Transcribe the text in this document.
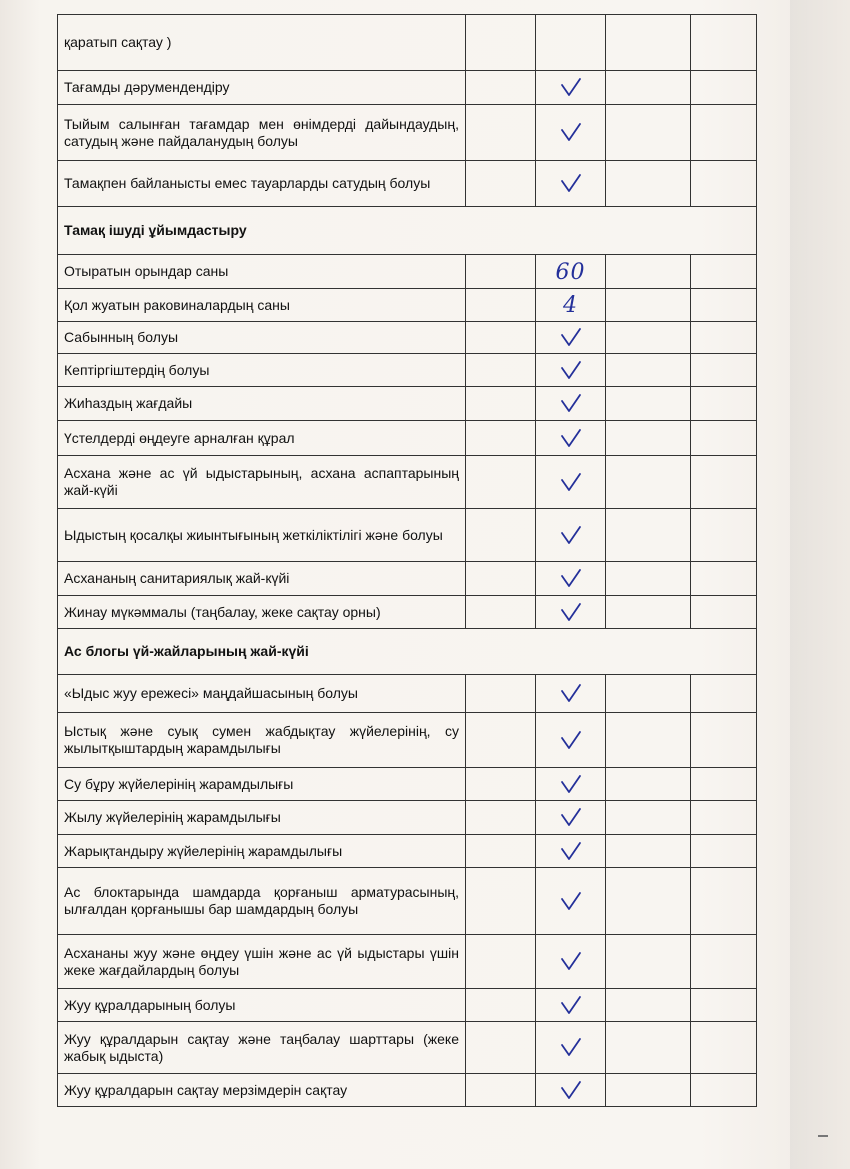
қаратып сақтау )				
Тағамды дәрумендендіру				
Тыйым салынған тағамдар мен өнімдерді дайындаудың, сатудың және пайдаланудың болуы				
Тамақпен байланысты емес тауарларды сатудың болуы				
Тамақ ішуді ұйымдастыру				
Отыратын орындар саны		60		
Қол жуатын раковиналардың саны		4		
Сабынның болуы				
Кептіргіштердің болуы				
Жиһаздың жағдайы				
Үстелдерді өңдеуге арналған құрал				
Асхана және ас үй ыдыстарының, асхана аспаптарының жай-күйі				
Ыдыстың қосалқы жиынтығының жеткіліктілігі және болуы				
Асхананың санитариялық жай-күйі				
Жинау мүкәммалы (таңбалау, жеке сақтау орны)				
Ас блогы үй-жайларының жай-күйі				
«Ыдыс жуу ережесі» маңдайшасының болуы				
Ыстық және суық сумен жабдықтау жүйелерінің, су жылытқыштардың жарамдылығы				
Су бұру жүйелерінің жарамдылығы				
Жылу жүйелерінің жарамдылығы				
Жарықтандыру жүйелерінің жарамдылығы				
Ас блоктарында шамдарда қорғаныш арматурасының, ылғалдан қорғанышы бар шамдардың болуы				
Асхананы жуу және өңдеу үшін және ас үй ыдыстары үшін жеке жағдайлардың болуы				
Жуу құралдарының болуы				
Жуу құралдарын сақтау және таңбалау шарттары (жеке жабық ыдыста)				
Жуу құралдарын сақтау мерзімдерін сақтау				
